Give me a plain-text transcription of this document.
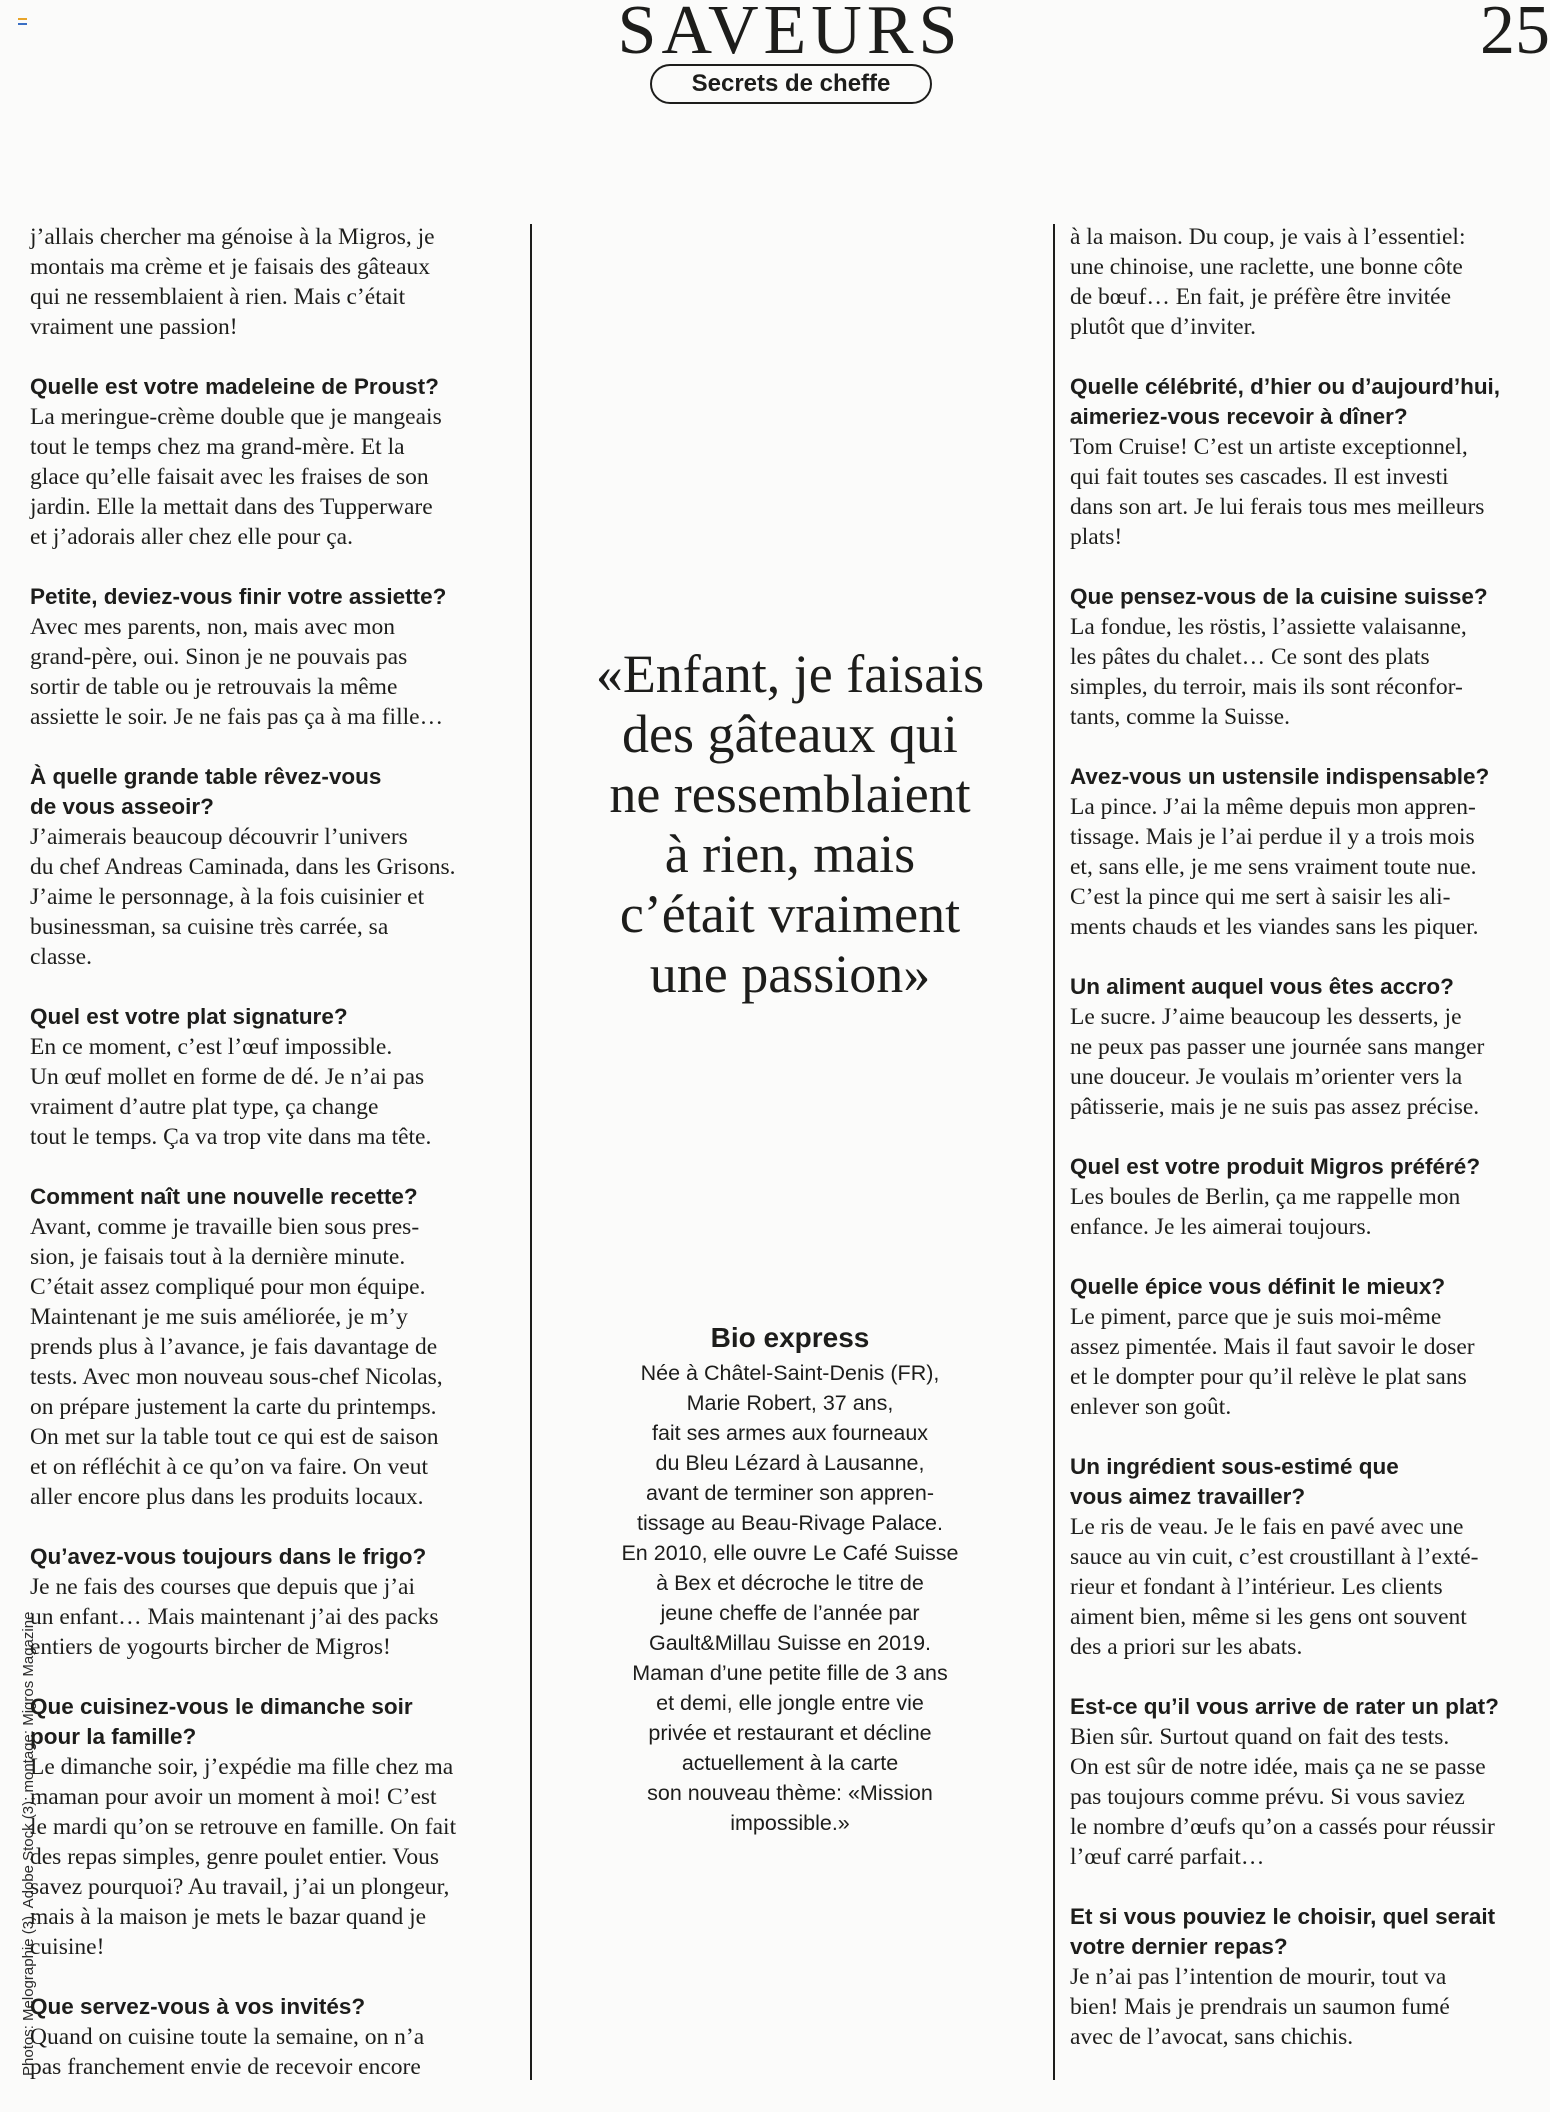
SAVEURS	25
Secrets de cheffe
Photos: Melographie (3), Adobe Stock (3); montage: Migros Magazine
j’allais chercher ma génoise à la Migros, je
montais ma crème et je faisais des gâteaux
qui ne ressemblaient à rien. Mais c’était
vraiment une passion!
Quelle est votre madeleine de Proust?
La meringue-crème double que je mangeais
tout le temps chez ma grand-mère. Et la
glace qu’elle faisait avec les fraises de son
jardin. Elle la mettait dans des Tupperware
et j’adorais aller chez elle pour ça.
Petite, deviez-vous finir votre assiette?
Avec mes parents, non, mais avec mon
grand-père, oui. Sinon je ne pouvais pas
sortir de table ou je retrouvais la même
assiette le soir. Je ne fais pas ça à ma fille…
À quelle grande table rêvez-vous
de vous asseoir?
J’aimerais beaucoup découvrir l’univers
du chef Andreas Caminada, dans les Grisons.
J’aime le personnage, à la fois cuisinier et
businessman, sa cuisine très carrée, sa
classe.
Quel est votre plat signature?
En ce moment, c’est l’œuf impossible.
Un œuf mollet en forme de dé. Je n’ai pas
vraiment d’autre plat type, ça change
tout le temps. Ça va trop vite dans ma tête.
Comment naît une nouvelle recette?
Avant, comme je travaille bien sous pres-
sion, je faisais tout à la dernière minute.
C’était assez compliqué pour mon équipe.
Maintenant je me suis améliorée, je m’y
prends plus à l’avance, je fais davantage de
tests. Avec mon nouveau sous-chef Nicolas,
on prépare justement la carte du printemps.
On met sur la table tout ce qui est de saison
et on réfléchit à ce qu’on va faire. On veut
aller encore plus dans les produits locaux.
Qu’avez-vous toujours dans le frigo?
Je ne fais des courses que depuis que j’ai
un enfant… Mais maintenant j’ai des packs
entiers de yogourts bircher de Migros!
Que cuisinez-vous le dimanche soir
pour la famille?
Le dimanche soir, j’expédie ma fille chez ma
maman pour avoir un moment à moi! C’est
le mardi qu’on se retrouve en famille. On fait
des repas simples, genre poulet entier. Vous
savez pourquoi? Au travail, j’ai un plongeur,
mais à la maison je mets le bazar quand je
cuisine!
Que servez-vous à vos invités?
Quand on cuisine toute la semaine, on n’a
pas franchement envie de recevoir encore
«Enfant, je faisais
des gâteaux qui
ne ressemblaient
à rien, mais
c’était vraiment
une passion»
Bio express
Née à Châtel-Saint-Denis (FR),
Marie Robert, 37 ans,
fait ses armes aux fourneaux
du Bleu Lézard à Lausanne,
avant de terminer son appren-
tissage au Beau-Rivage Palace.
En 2010, elle ouvre Le Café Suisse
à Bex et décroche le titre de
jeune cheffe de l’année par
Gault&Millau Suisse en 2019.
Maman d’une petite fille de 3 ans
et demi, elle jongle entre vie
privée et restaurant et décline
actuellement à la carte
son nouveau thème: «Mission
impossible.»
à la maison. Du coup, je vais à l’essentiel:
une chinoise, une raclette, une bonne côte
de bœuf… En fait, je préfère être invitée
plutôt que d’inviter.
Quelle célébrité, d’hier ou d’aujourd’hui,
aimeriez-vous recevoir à dîner?
Tom Cruise! C’est un artiste exceptionnel,
qui fait toutes ses cascades. Il est investi
dans son art. Je lui ferais tous mes meilleurs
plats!
Que pensez-vous de la cuisine suisse?
La fondue, les röstis, l’assiette valaisanne,
les pâtes du chalet… Ce sont des plats
simples, du terroir, mais ils sont réconfor-
tants, comme la Suisse.
Avez-vous un ustensile indispensable?
La pince. J’ai la même depuis mon appren-
tissage. Mais je l’ai perdue il y a trois mois
et, sans elle, je me sens vraiment toute nue.
C’est la pince qui me sert à saisir les ali-
ments chauds et les viandes sans les piquer.
Un aliment auquel vous êtes accro?
Le sucre. J’aime beaucoup les desserts, je
ne peux pas passer une journée sans manger
une douceur. Je voulais m’orienter vers la
pâtisserie, mais je ne suis pas assez précise.
Quel est votre produit Migros préféré?
Les boules de Berlin, ça me rappelle mon
enfance. Je les aimerai toujours.
Quelle épice vous définit le mieux?
Le piment, parce que je suis moi-même
assez pimentée. Mais il faut savoir le doser
et le dompter pour qu’il relève le plat sans
enlever son goût.
Un ingrédient sous-estimé que
vous aimez travailler?
Le ris de veau. Je le fais en pavé avec une
sauce au vin cuit, c’est croustillant à l’exté-
rieur et fondant à l’intérieur. Les clients
aiment bien, même si les gens ont souvent
des a priori sur les abats.
Est-ce qu’il vous arrive de rater un plat?
Bien sûr. Surtout quand on fait des tests.
On est sûr de notre idée, mais ça ne se passe
pas toujours comme prévu. Si vous saviez
le nombre d’œufs qu’on a cassés pour réussir
l’œuf carré parfait…
Et si vous pouviez le choisir, quel serait
votre dernier repas?
Je n’ai pas l’intention de mourir, tout va
bien! Mais je prendrais un saumon fumé
avec de l’avocat, sans chichis.
